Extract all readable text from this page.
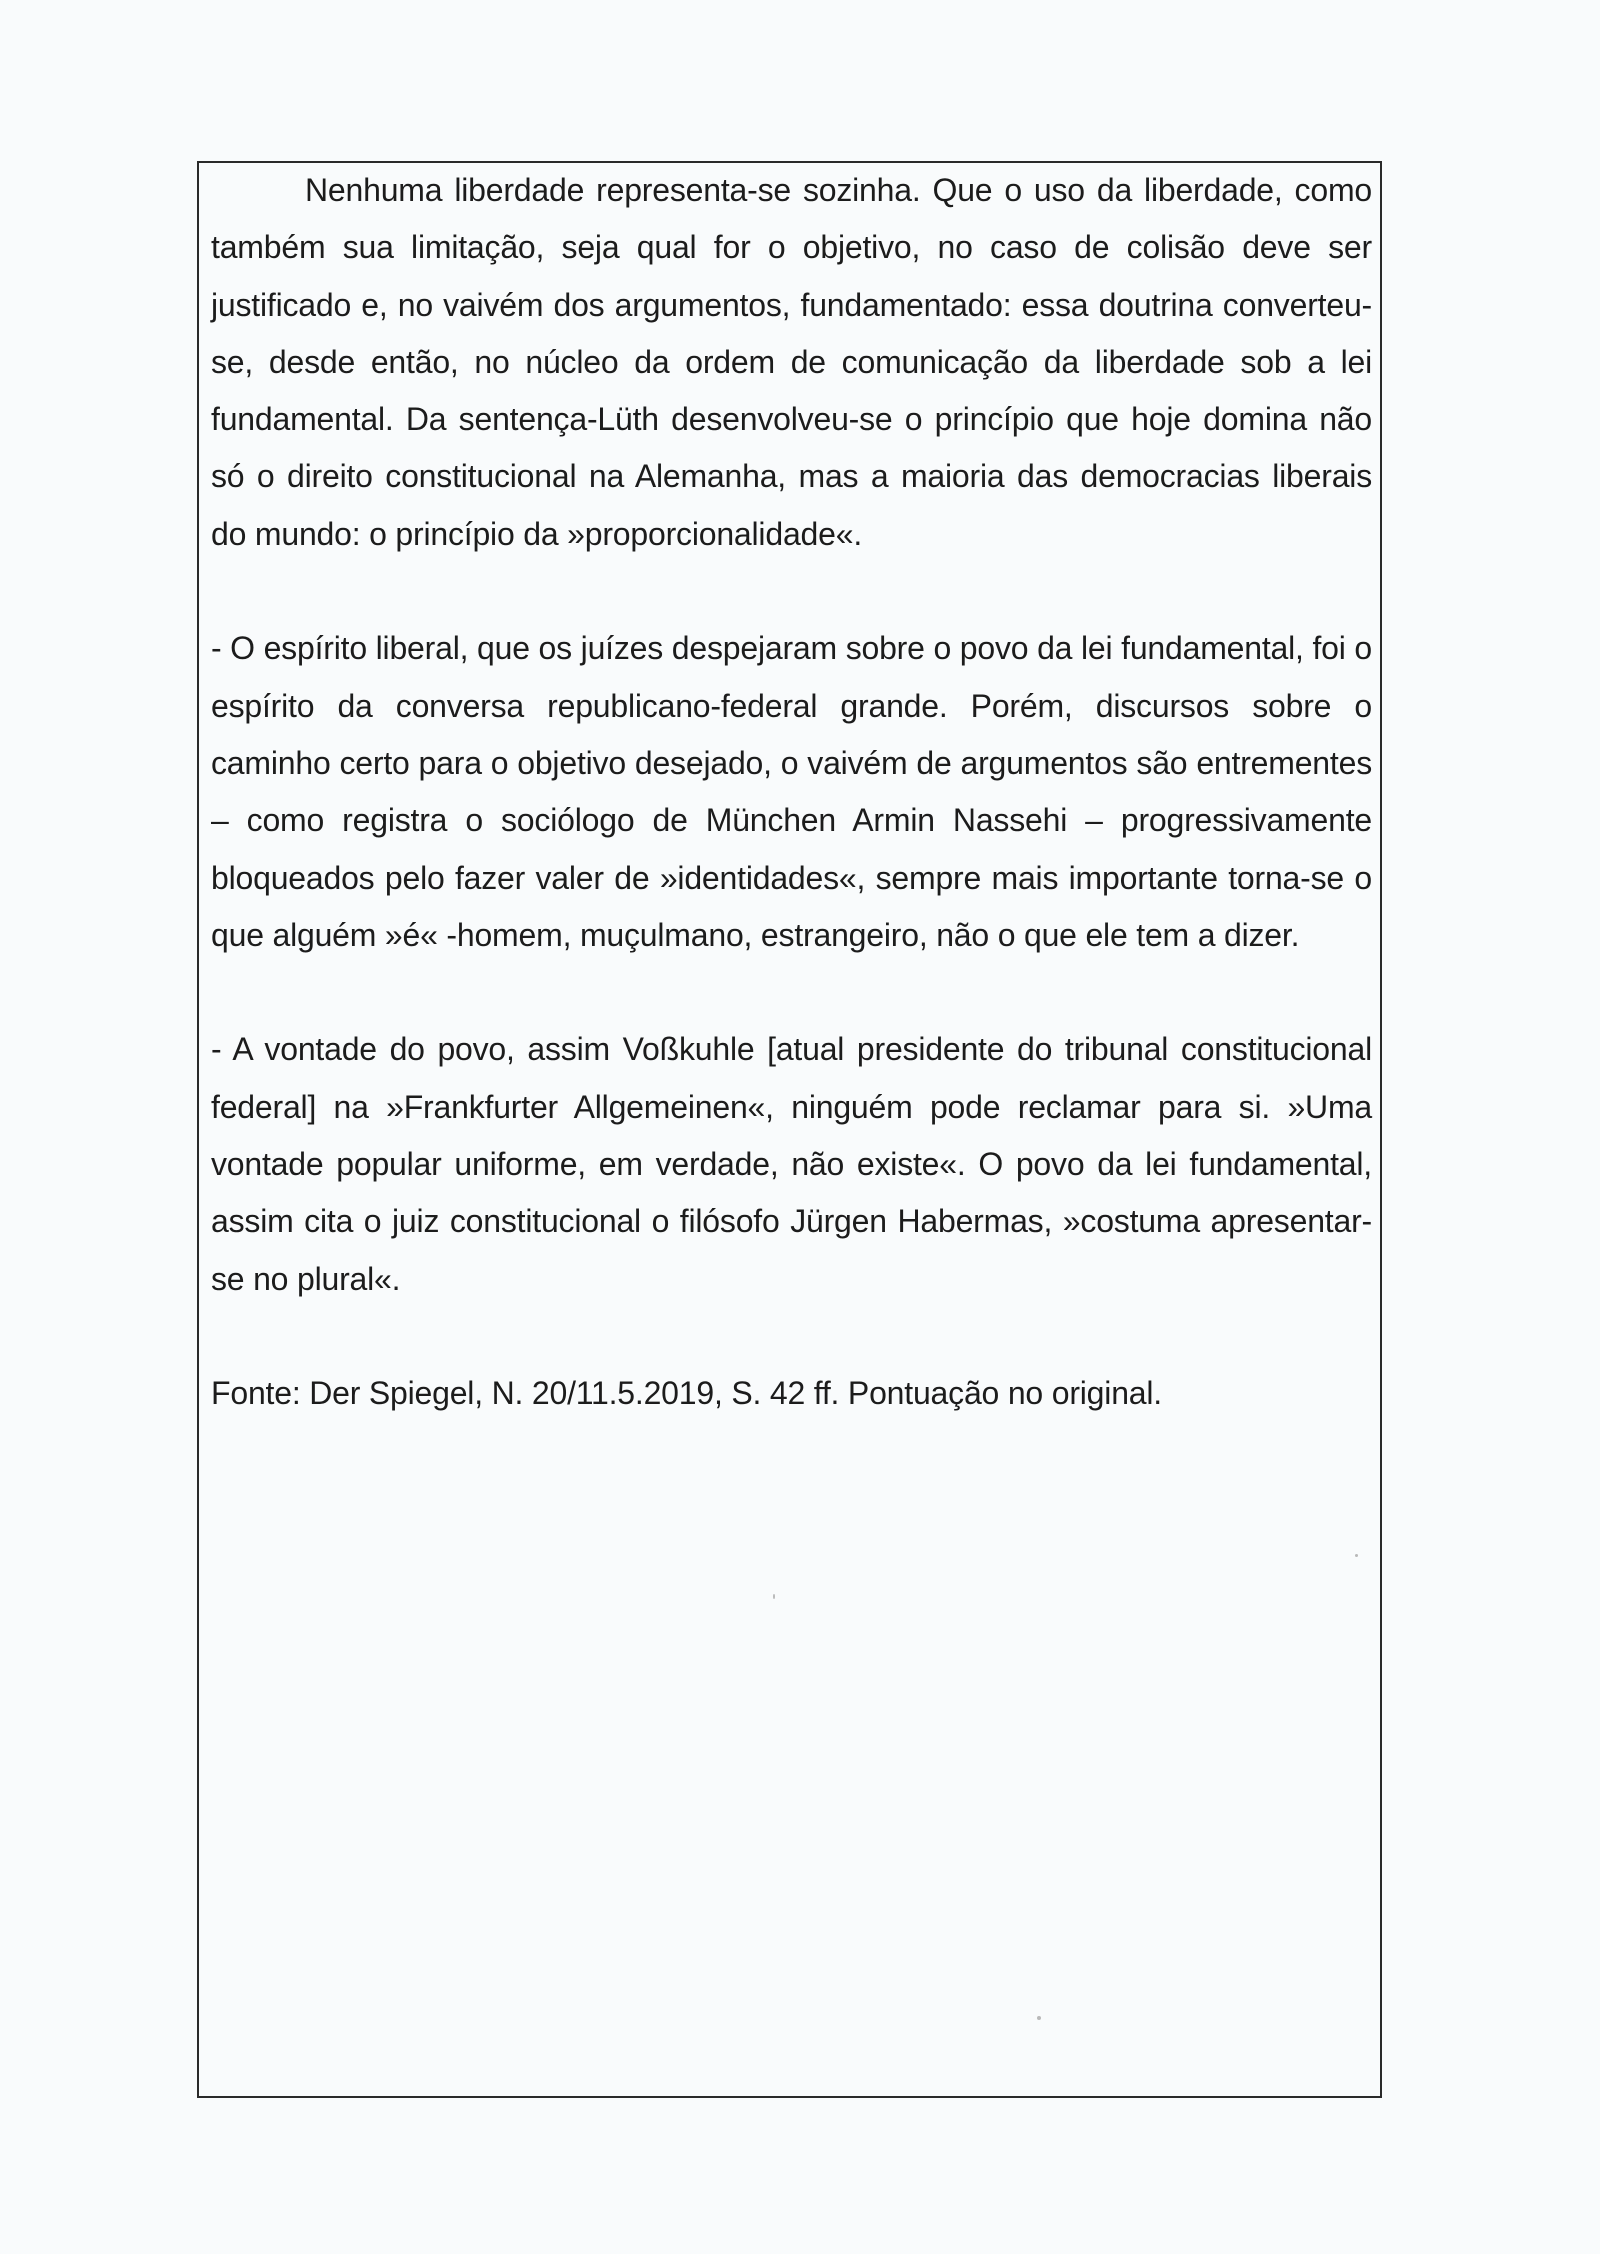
Nenhuma liberdade representa-se sozinha. Que o uso da liberdade, como também sua limitação, seja qual for o objetivo, no caso de colisão deve ser justificado e, no vaivém dos argumentos, fundamentado: essa doutrina converteu-se, desde então, no núcleo da ordem de comunicação da liberdade sob a lei fundamental. Da sentença-Lüth desenvolveu-se o princípio que hoje domina não só o direito constitucional na Alemanha, mas a maioria das democracias liberais do mundo: o princípio da »proporcionalidade«.

- O espírito liberal, que os juízes despejaram sobre o povo da lei fundamental, foi o espírito da conversa republicano-federal grande. Porém, discursos sobre o caminho certo para o objetivo desejado, o vaivém de argumentos são entrementes – como registra o sociólogo de München Armin Nassehi – progressivamente bloqueados pelo fazer valer de »identidades«, sempre mais importante torna-se o que alguém »é« -homem, muçulmano, estrangeiro, não o que ele tem a dizer.

- A vontade do povo, assim Voßkuhle [atual presidente do tribunal constitucional federal] na »Frankfurter Allgemeinen«, ninguém pode reclamar para si. »Uma vontade popular uniforme, em verdade, não existe«. O povo da lei fundamental, assim cita o juiz constitucional o filósofo Jürgen Habermas, »costuma apresentar-se no plural«.

Fonte: Der Spiegel, N. 20/11.5.2019, S. 42 ff. Pontuação no original.
